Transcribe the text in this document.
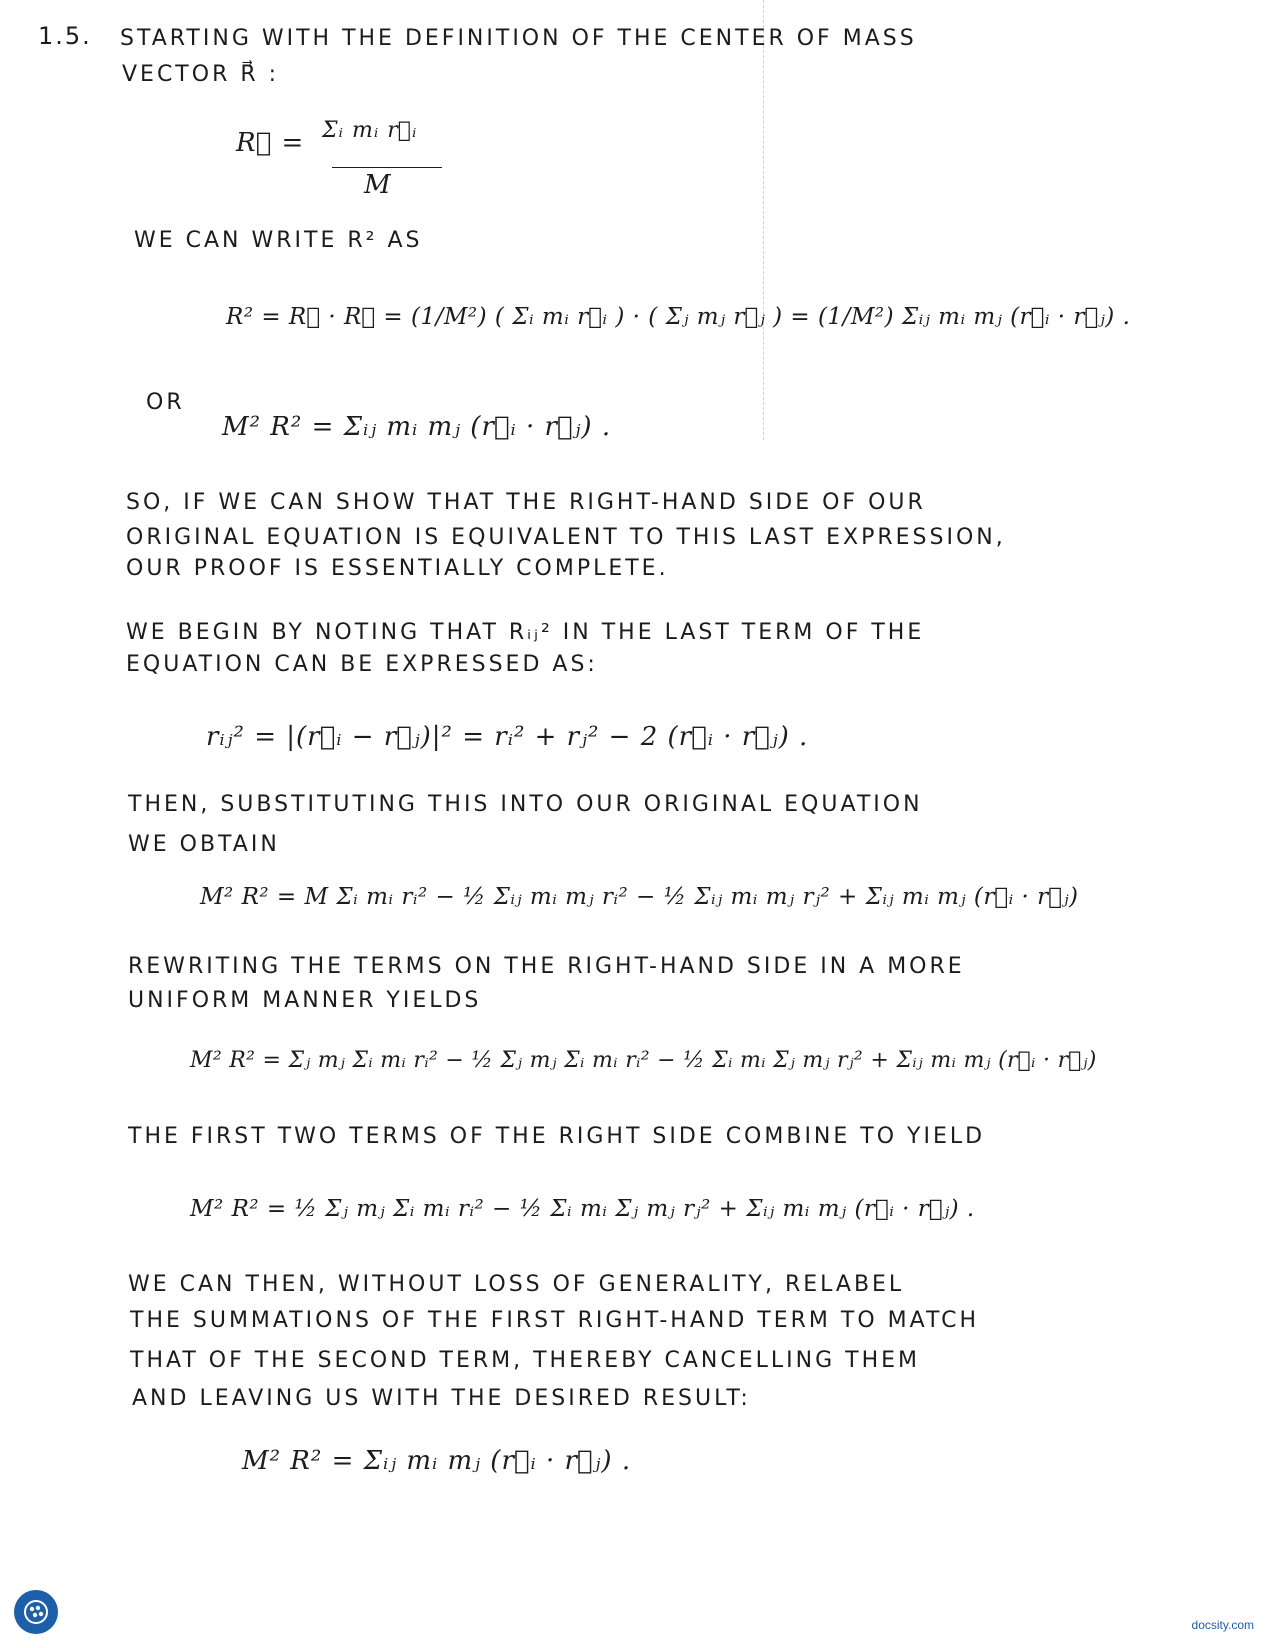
1.5. STARTING WITH THE DEFINITION OF THE CENTER OF MASS

VECTOR R⃗ :

R⃗ = Σᵢ mᵢ r⃗ᵢ

M

WE CAN WRITE R² AS

R² = R⃗ · R⃗ = (1/M²) ( Σᵢ mᵢ r⃗ᵢ ) · ( Σⱼ mⱼ r⃗ⱼ ) = (1/M²) Σᵢⱼ mᵢ mⱼ (r⃗ᵢ · r⃗ⱼ) .

OR

M² R² = Σᵢⱼ mᵢ mⱼ (r⃗ᵢ · r⃗ⱼ) .

SO, IF WE CAN SHOW THAT THE RIGHT-HAND SIDE OF OUR

ORIGINAL EQUATION IS EQUIVALENT TO THIS LAST EXPRESSION,

OUR PROOF IS ESSENTIALLY COMPLETE.

WE BEGIN BY NOTING THAT Rᵢⱼ² IN THE LAST TERM OF THE

EQUATION CAN BE EXPRESSED AS:

rᵢⱼ² = |(r⃗ᵢ − r⃗ⱼ)|² = rᵢ² + rⱼ² − 2 (r⃗ᵢ · r⃗ⱼ) .

THEN, SUBSTITUTING THIS INTO OUR ORIGINAL EQUATION

WE OBTAIN

M² R² = M Σᵢ mᵢ rᵢ² − ½ Σᵢⱼ mᵢ mⱼ rᵢ² − ½ Σᵢⱼ mᵢ mⱼ rⱼ² + Σᵢⱼ mᵢ mⱼ (r⃗ᵢ · r⃗ⱼ)

REWRITING THE TERMS ON THE RIGHT-HAND SIDE IN A MORE

UNIFORM MANNER YIELDS

M² R² = Σⱼ mⱼ Σᵢ mᵢ rᵢ² − ½ Σⱼ mⱼ Σᵢ mᵢ rᵢ² − ½ Σᵢ mᵢ Σⱼ mⱼ rⱼ² + Σᵢⱼ mᵢ mⱼ (r⃗ᵢ · r⃗ⱼ)

THE FIRST TWO TERMS OF THE RIGHT SIDE COMBINE TO YIELD

M² R² = ½ Σⱼ mⱼ Σᵢ mᵢ rᵢ² − ½ Σᵢ mᵢ Σⱼ mⱼ rⱼ² + Σᵢⱼ mᵢ mⱼ (r⃗ᵢ · r⃗ⱼ) .

WE CAN THEN, WITHOUT LOSS OF GENERALITY, RELABEL

THE SUMMATIONS OF THE FIRST RIGHT-HAND TERM TO MATCH

THAT OF THE SECOND TERM, THEREBY CANCELLING THEM

AND LEAVING US WITH THE DESIRED RESULT:

M² R² = Σᵢⱼ mᵢ mⱼ (r⃗ᵢ · r⃗ⱼ) .

docsity.com
